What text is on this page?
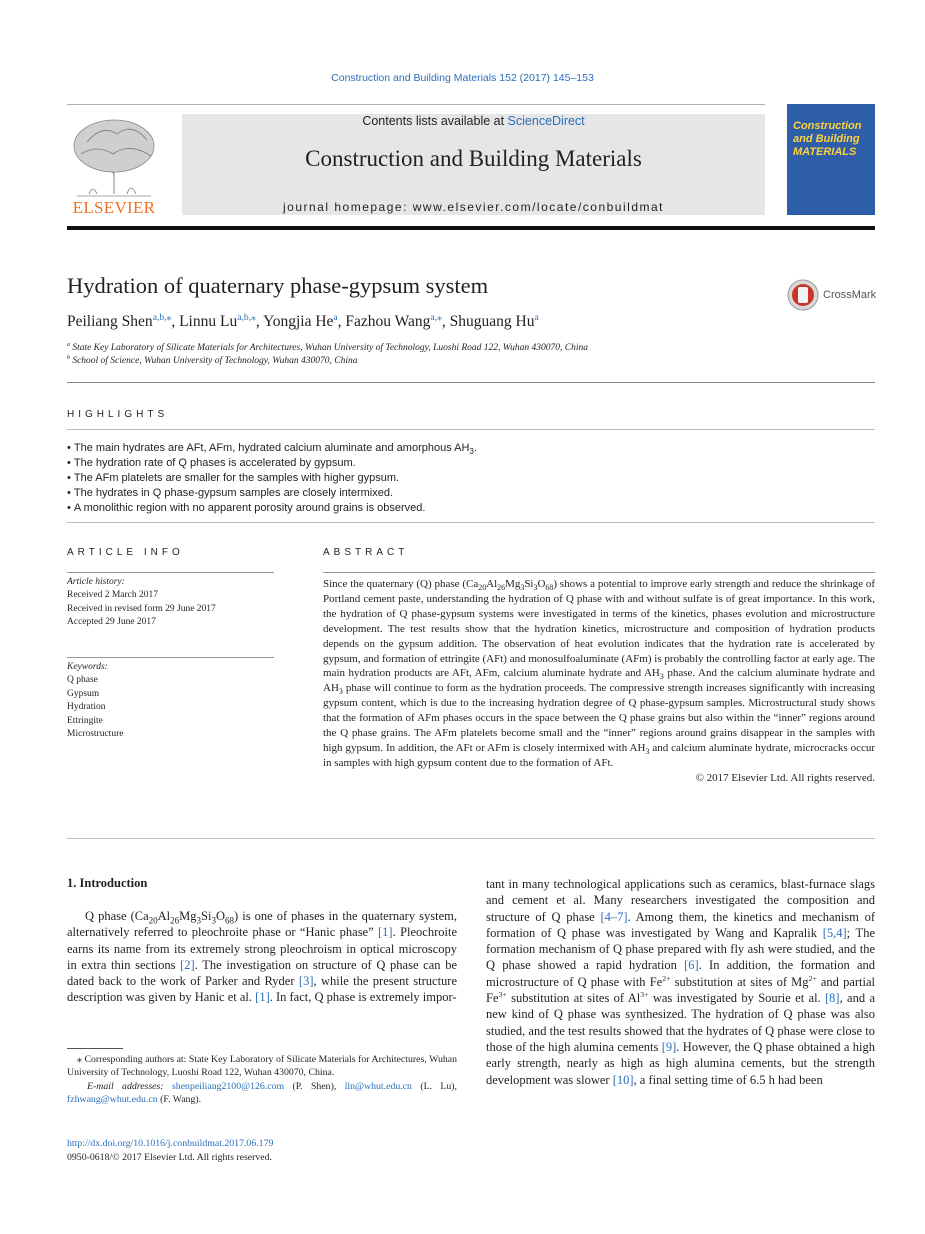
Construction and Building Materials 152 (2017) 145–153
ELSEVIER
Contents lists available at ScienceDirect
Construction and Building Materials
journal homepage: www.elsevier.com/locate/conbuildmat
Construction and Building MATERIALS
Hydration of quaternary phase-gypsum system	CrossMark
Peiliang Shen$^{a,b,⁎}$, Linnu $Lu^{a,b,⁎}$, Yongjia He$^a$, Fazhou Wang$^{a,⁎}$, Shuguang Hu$^a$
$^a$ State Key Laboratory of Silicate Materials for Architectures, Wuhan University of Technology, Luoshi Road 122, Wuhan 430070, China
$^b$ School of Science, Wuhan University of Technology, Wuhan 430070, China
HIGHLIGHTS
• The main hydrates are AFt, AFm, hydrated calcium aluminate and amorphous $AH_3$.
• The hydration rate of Q phases is accelerated by gypsum.
• The AFm platelets are smaller for the samples with higher gypsum.
• The hydrates in Q phase-gypsum samples are closely intermixed.
• A monolithic region with no apparent porosity around grains is observed.
ARTICLE INFO
Article history:
Received 2 March 2017
Received in revised form 29 June 2017
Accepted 29 June 2017
Keywords:
Q phase
Gypsum
Hydration
Ettringite
Microstructure
ABSTRACT
Since the quaternary (Q) phase $(Ca_{20}Al_{26}Mg_3Si_3O_{68})$ shows a potential to improve early strength and reduce the shrinkage of Portland cement paste, understanding the hydration of Q phase with and without sulfate is of great importance. In this work, the hydration of Q phase-gypsum systems were investigated in terms of the kinetics, phases evolution and microstructure development. The test results show that the hydration kinetics, microstructure and composition of hydration products depends on the gypsum addition. The observation of heat evolution indicates that the hydration rate is accelerated by gypsum, and formation of ettringite (AFt) and monosulfoaluminate (AFm) is probably the controlling factor at early age. The main hydration products are AFt, AFm, calcium aluminate hydrate and $AH_3$ phase. And the calcium aluminate hydrate and $AH_3$ phase will continue to form as the hydration proceeds. The compressive strength increases significantly with increasing gypsum content, which is due to the increasing hydration degree of Q phase-gypsum samples. Microstructural study shows that the formation of AFm phases occurs in the space between the Q phase grains but also within the “inner” regions around the Q phase grains. The AFm platelets become small and the “inner” regions around grains disappear in the samples with high gypsum. In addition, the AFt or AFm is closely intermixed with $AH_3$ and calcium aluminate hydrate, microcracks occur in samples with high gypsum content due to the formation of AFt.
© 2017 Elsevier Ltd. All rights reserved.
1. Introduction
Q phase $(Ca_{20}Al_{26}Mg_3Si_3O_{68})$ is one of phases in the quaternary system, alternatively referred to pleochroite phase or “Hanic phase” [1]. Pleochroite earns its name from its extremely strong pleochroism in optical microscopy in extra thin sections [2]. The investigation on structure of Q phase can be dated back to the work of Parker and Ryder [3], while the present structure description was given by Hanic et al. [1]. In fact, Q phase is extremely impor-
tant in many technological applications such as ceramics, blast-furnace slags and cement et al. Many researchers investigated the composition and structure of Q phase [4–7]. Among them, the kinetics and mechanism of formation of Q phase was investigated by Wang and Kapralik [5,4]; The formation mechanism of Q phase prepared with fly ash were studied, and the Q phase showed a rapid hydration [6]. In addition, the formation and microstructure of Q phase with $Fe^{2+}$ substitution at sites of $Mg^{2+}$ and partial $Fe^{3+}$ substitution at sites of $Al^{3+}$ was investigated by Sourie et al. [8], and a new kind of Q phase was synthesized. The hydration of Q phase was also studied, and the test results showed that the hydrates of Q phase were close to those of the high alumina cements [9]. However, the Q phase obtained a high early strength, nearly as high as high alumina cements, but the strength development was slower [10], a final setting time of 6.5 h had been
⁎ Corresponding authors at: State Key Laboratory of Silicate Materials for Architectures, Wuhan University of Technology, Luoshi Road 122, Wuhan 430070, China.
E-mail addresses: shenpeiliang2100@126.com (P. Shen), lln@whut.edu.cn (L. Lu), fzhwang@whut.edu.cn (F. Wang).
http://dx.doi.org/10.1016/j.conbuildmat.2017.06.179
0950-0618/© 2017 Elsevier Ltd. All rights reserved.
